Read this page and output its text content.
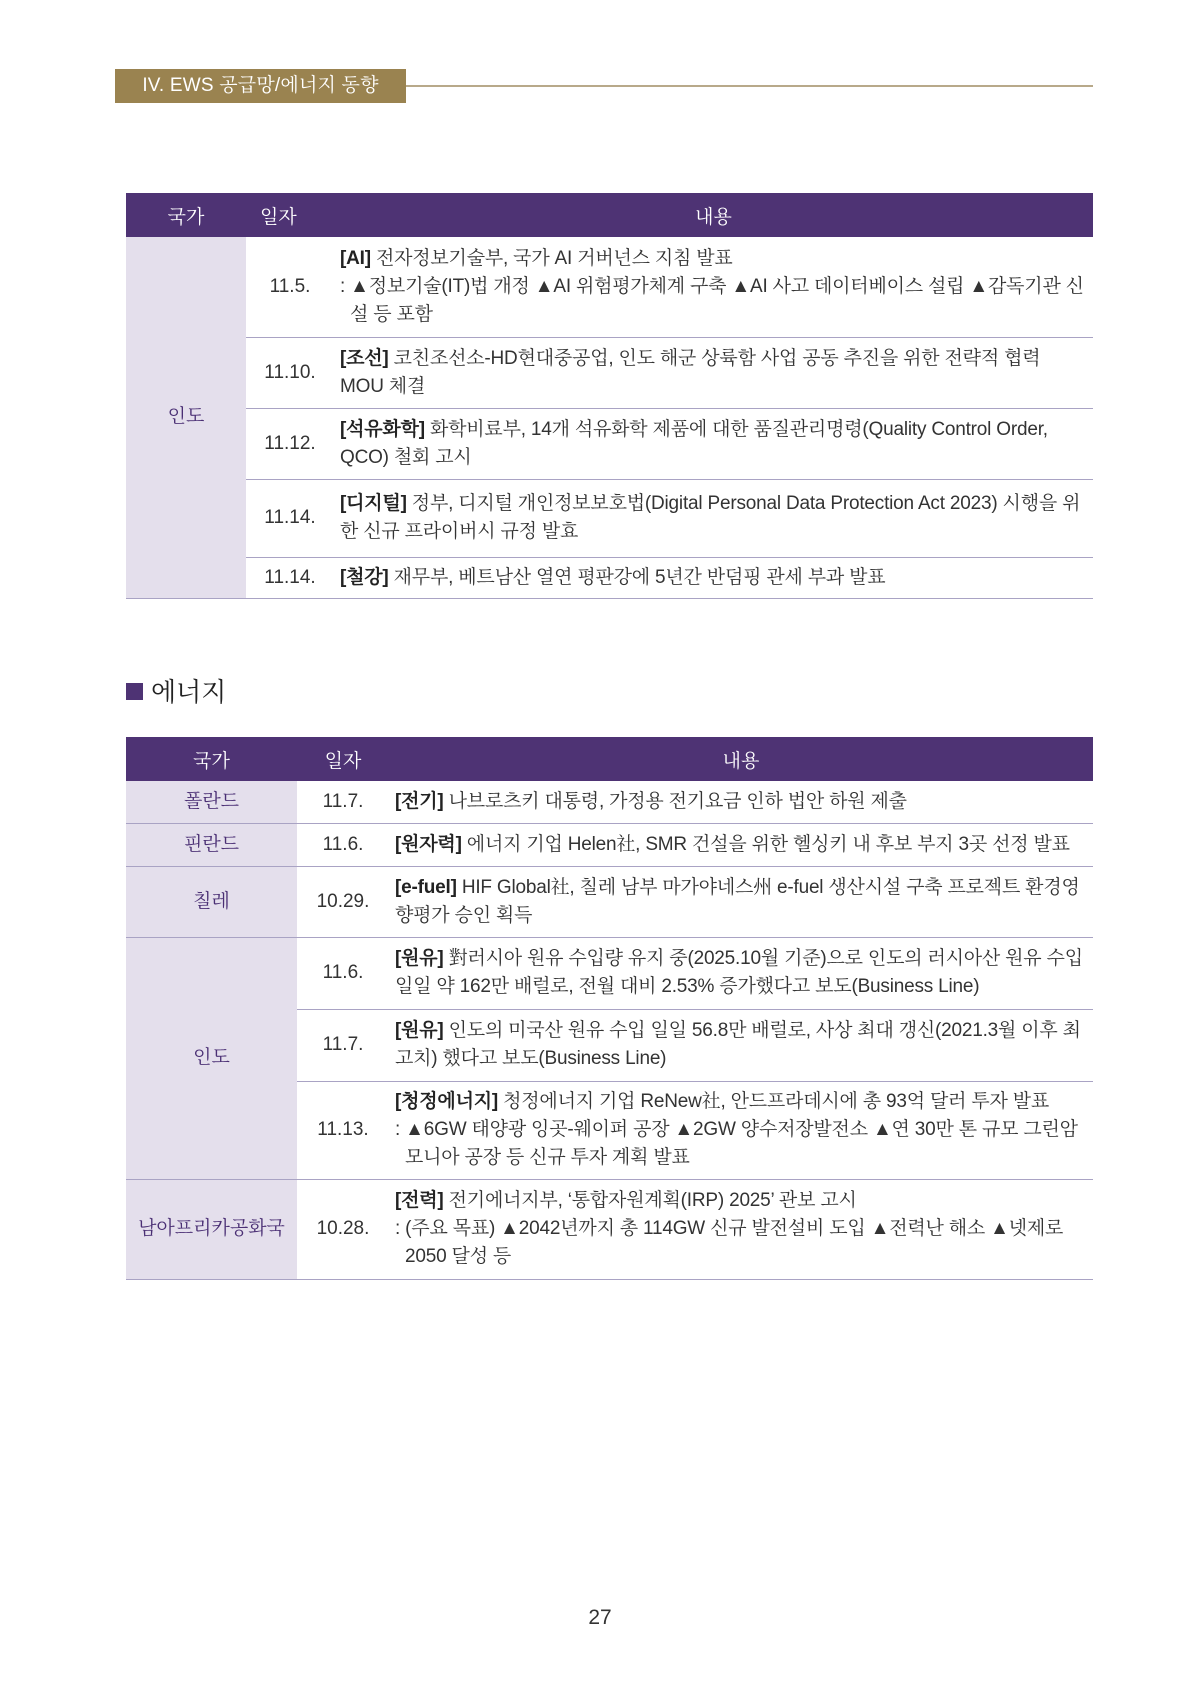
IV. EWS 공급망/에너지 동향
국가	일자	내용
인도	11.5.	[AI] 전자정보기술부, 국가 AI 거버넌스 지침 발표
: ▲정보기술(IT)법 개정 ▲AI 위험평가체계 구축 ▲AI 사고 데이터베이스 설립 ▲감독기관 신설 등 포함

	11.10.	[조선] 코친조선소-HD현대중공업, 인도 해군 상륙함 사업 공동 추진을 위한 전략적 협력 MOU 체결
	11.12.	[석유화학] 화학비료부, 14개 석유화학 제품에 대한 품질관리명령(Quality Control Order, QCO) 철회 고시
	11.14.	[디지털] 정부, 디지털 개인정보보호법(Digital Personal Data Protection Act 2023) 시행을 위한 신규 프라이버시 규정 발효
	11.14.	[철강] 재무부, 베트남산 열연 평판강에 5년간 반덤핑 관세 부과 발표
에너지
국가	일자	내용
폴란드	11.7.	[전기] 나브로츠키 대통령, 가정용 전기요금 인하 법안 하원 제출
핀란드	11.6.	[원자력] 에너지 기업 Helen社, SMR 건설을 위한 헬싱키 내 후보 부지 3곳 선정 발표
칠레	10.29.	[e-fuel] HIF Global社, 칠레 남부 마가야네스州 e-fuel 생산시설 구축 프로젝트 환경영향평가 승인 획득
인도	11.6.	[원유] 對러시아 원유 수입량 유지 중(2025.10월 기준)으로 인도의 러시아산 원유 수입 일일 약 162만 배럴로, 전월 대비 2.53% 증가했다고 보도(Business Line)
	11.7.	[원유] 인도의 미국산 원유 수입 일일 56.8만 배럴로, 사상 최대 갱신(2021.3월 이후 최고치) 했다고 보도(Business Line)
	11.13.	[청정에너지] 청정에너지 기업 ReNew社, 안드프라데시에 총 93억 달러 투자 발표
: ▲6GW 태양광 잉곳-웨이퍼 공장 ▲2GW 양수저장발전소 ▲연 30만 톤 규모 그린암모니아 공장 등 신규 투자 계획 발표

남아프리카공화국	10.28.	[전력] 전기에너지부, ‘통합자원계획(IRP) 2025’ 관보 고시
: (주요 목표) ▲2042년까지 총 114GW 신규 발전설비 도입 ▲전력난 해소 ▲넷제로 2050 달성 등
27
